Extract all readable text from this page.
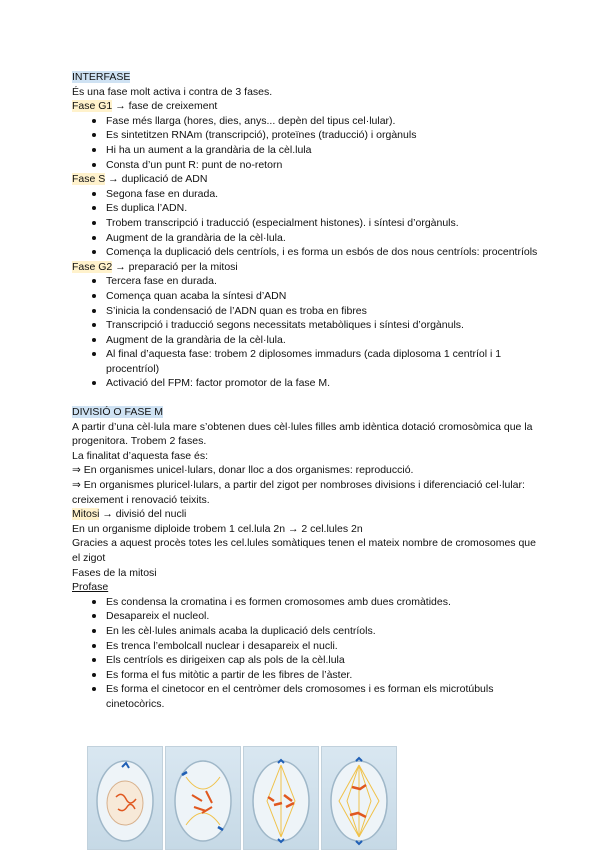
INTERFASE

És una fase molt activa i contra de 3 fases.

Fase G1 → fase de creixement

Fase més llarga (hores, dies, anys... depèn del tipus cel·lular).
Es sintetitzen RNAm (transcripció), proteïnes (traducció) i orgànuls
Hi ha un aument a la grandària de la cèl.lula
Consta d’un punt R: punt de no-retorn

Fase S → duplicació de ADN

Segona fase en durada.
Es duplica l’ADN.
Trobem transcripció i traducció (especialment histones). i síntesi d’orgànuls.
Augment de la grandària de la cèl·lula.
Comença la duplicació dels centríols, i es forma un esbós de dos nous centríols: procentríols

Fase G2 → preparació per la mitosi

Tercera fase en durada.
Comença quan acaba la síntesi d’ADN
S’inicia la condensació de l’ADN quan es troba en fibres
Transcripció i traducció segons necessitats metabòliques i síntesi d’orgànuls.
Augment de la grandària de la cèl·lula.
Al final d’aquesta fase: trobem 2 diplosomes immadurs (cada diplosoma 1 centríol i 1 procentríol)
Activació del FPM: factor promotor de la fase M.

DIVISIÓ O FASE M

A partir d’una cèl·lula mare s’obtenen dues cèl·lules filles amb idèntica dotació cromosòmica que la progenitora. Trobem 2 fases.

La finalitat d’aquesta fase és:

⇒ En organismes unicel·lulars, donar lloc a dos organismes: reproducció.

⇒ En organismes pluricel·lulars, a partir del zigot per nombroses divisions i diferenciació cel·lular: creixement i renovació teixits.

Mitosi → divisió del nucli

En un organisme diploide trobem 1 cel.lula 2n → 2 cel.lules 2n

Gracies a aquest procès totes les cel.lules somàtiques tenen el mateix nombre de cromosomes que el zigot

Fases de la mitosi

Profase

Es condensa la cromatina i es formen cromosomes amb dues cromàtides.
Desapareix el nucleol.
En les cèl·lules animals acaba la duplicació dels centríols.
Es trenca l’embolcall nuclear i desapareix el nucli.
Els centríols es dirigeixen cap als pols de la cèl.lula
Es forma el fus mitòtic a partir de les fibres de l’àster.
Es forma el cinetocor en el centròmer dels cromosomes i es forman els microtúbuls cinetocòrics.
